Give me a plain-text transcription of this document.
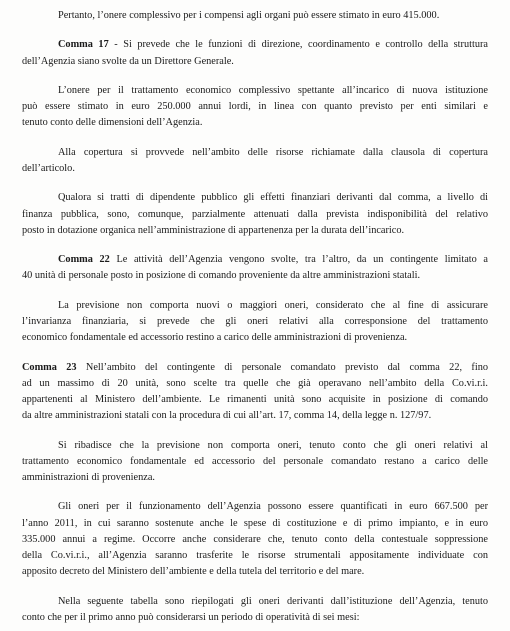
Pertanto, l’onere complessivo per i compensi agli organi può essere stimato in euro 415.000.

Comma 17 - Si prevede che le funzioni di direzione, coordinamento e controllo della struttura
dell’Agenzia siano svolte da un Direttore Generale.

L’onere per il trattamento economico complessivo spettante all’incarico di nuova istituzione
può essere stimato in euro 250.000 annui lordi, in linea con quanto previsto per enti similari e
tenuto conto delle dimensioni dell’Agenzia.

Alla copertura si provvede nell’ambito delle risorse richiamate dalla clausola di copertura
dell’articolo.

Qualora si tratti di dipendente pubblico gli effetti finanziari derivanti dal comma, a livello di
finanza pubblica, sono, comunque, parzialmente attenuati dalla prevista indisponibilità del relativo
posto in dotazione organica nell’amministrazione di appartenenza per la durata dell’incarico.

Comma 22 Le attività dell’Agenzia vengono svolte, tra l’altro, da un contingente limitato a
40 unità di personale posto in posizione di comando proveniente da altre amministrazioni statali.

La previsione non comporta nuovi o maggiori oneri, considerato che al fine di assicurare
l’invarianza finanziaria, si prevede che gli oneri relativi alla corresponsione del trattamento
economico fondamentale ed accessorio restino a carico delle amministrazioni di provenienza.

Comma 23 Nell’ambito del contingente di personale comandato previsto dal comma 22, fino
ad un massimo di 20 unità, sono scelte tra quelle che già operavano nell’ambito della Co.vi.r.i.
appartenenti al Ministero dell’ambiente. Le rimanenti unità sono acquisite in posizione di comando
da altre amministrazioni statali con la procedura di cui all’art. 17, comma 14, della legge n. 127/97.

Si ribadisce che la previsione non comporta oneri, tenuto conto che gli oneri relativi al
trattamento economico fondamentale ed accessorio del personale comandato restano a carico delle
amministrazioni di provenienza.

Gli oneri per il funzionamento dell’Agenzia possono essere quantificati in euro 667.500 per
l’anno 2011, in cui saranno sostenute anche le spese di costituzione e di primo impianto, e in euro
335.000 annui a regime. Occorre anche considerare che, tenuto conto della contestuale soppressione
della Co.vi.r.i., all’Agenzia saranno trasferite le risorse strumentali appositamente individuate con
apposito decreto del Ministero dell’ambiente e della tutela del territorio e del mare.

Nella seguente tabella sono riepilogati gli oneri derivanti dall’istituzione dell’Agenzia, tenuto
conto che per il primo anno può considerarsi un periodo di operatività di sei mesi:
